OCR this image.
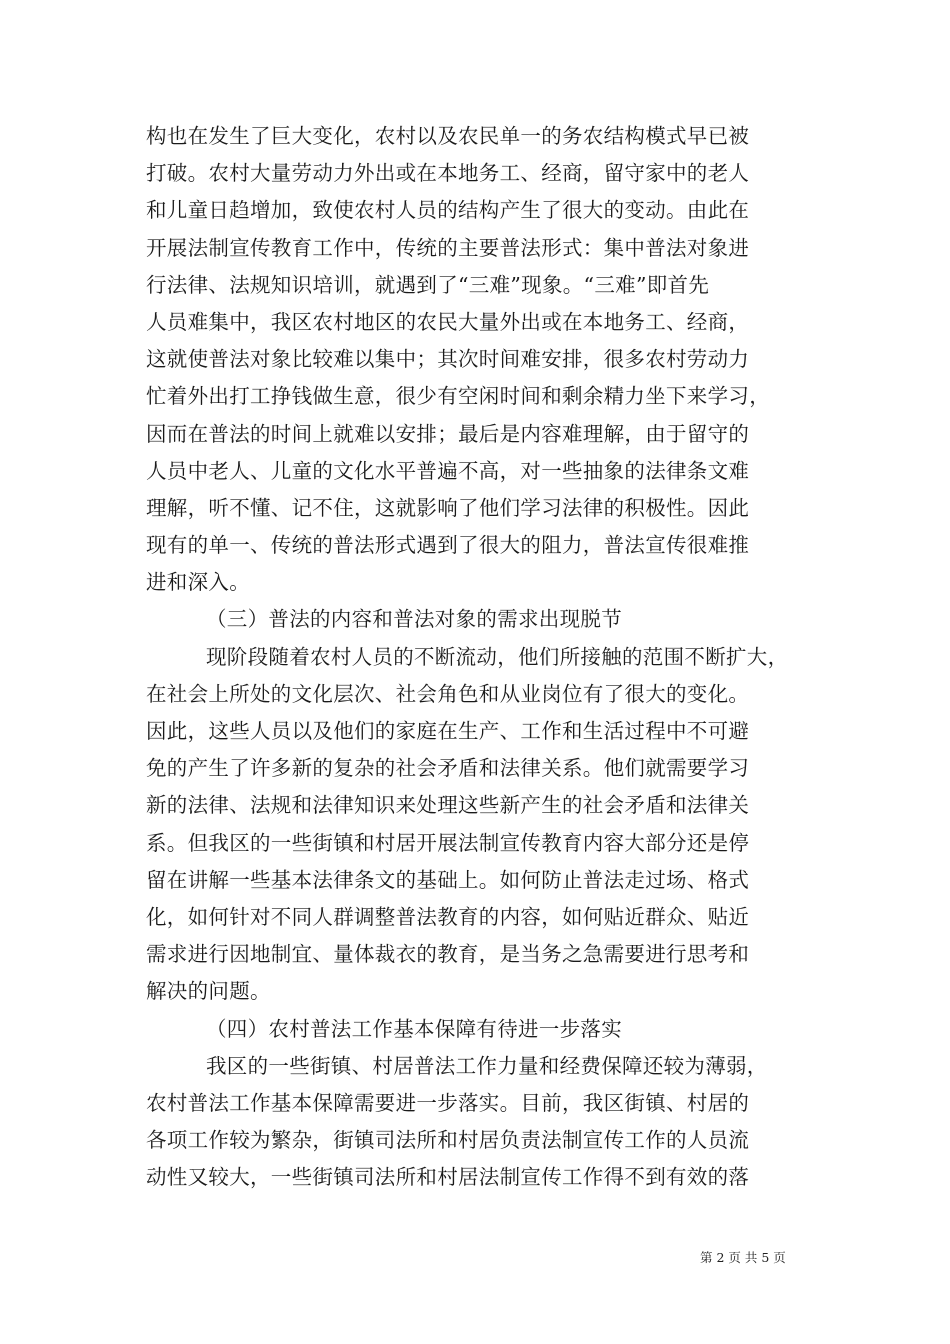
构也在发生了巨大变化，农村以及农民单一的务农结构模式早已被
打破。农村大量劳动力外出或在本地务工、经商，留守家中的老人
和儿童日趋增加，致使农村人员的结构产生了很大的变动。由此在
开展法制宣传教育工作中，传统的主要普法形式：集中普法对象进
行法律、法规知识培训，就遇到了“三难”现象。“三难”即首先
人员难集中，我区农村地区的农民大量外出或在本地务工、经商，
这就使普法对象比较难以集中；其次时间难安排，很多农村劳动力
忙着外出打工挣钱做生意，很少有空闲时间和剩余精力坐下来学习，
因而在普法的时间上就难以安排；最后是内容难理解，由于留守的
人员中老人、儿童的文化水平普遍不高，对一些抽象的法律条文难
理解，听不懂、记不住，这就影响了他们学习法律的积极性。因此
现有的单一、传统的普法形式遇到了很大的阻力，普法宣传很难推
进和深入。
（三）普法的内容和普法对象的需求出现脱节
现阶段随着农村人员的不断流动，他们所接触的范围不断扩大，
在社会上所处的文化层次、社会角色和从业岗位有了很大的变化。
因此，这些人员以及他们的家庭在生产、工作和生活过程中不可避
免的产生了许多新的复杂的社会矛盾和法律关系。他们就需要学习
新的法律、法规和法律知识来处理这些新产生的社会矛盾和法律关
系。但我区的一些街镇和村居开展法制宣传教育内容大部分还是停
留在讲解一些基本法律条文的基础上。如何防止普法走过场、格式
化，如何针对不同人群调整普法教育的内容，如何贴近群众、贴近
需求进行因地制宜、量体裁衣的教育，是当务之急需要进行思考和
解决的问题。
（四）农村普法工作基本保障有待进一步落实
我区的一些街镇、村居普法工作力量和经费保障还较为薄弱，
农村普法工作基本保障需要进一步落实。目前，我区街镇、村居的
各项工作较为繁杂，街镇司法所和村居负责法制宣传工作的人员流
动性又较大，一些街镇司法所和村居法制宣传工作得不到有效的落
第 2 页 共 5 页
